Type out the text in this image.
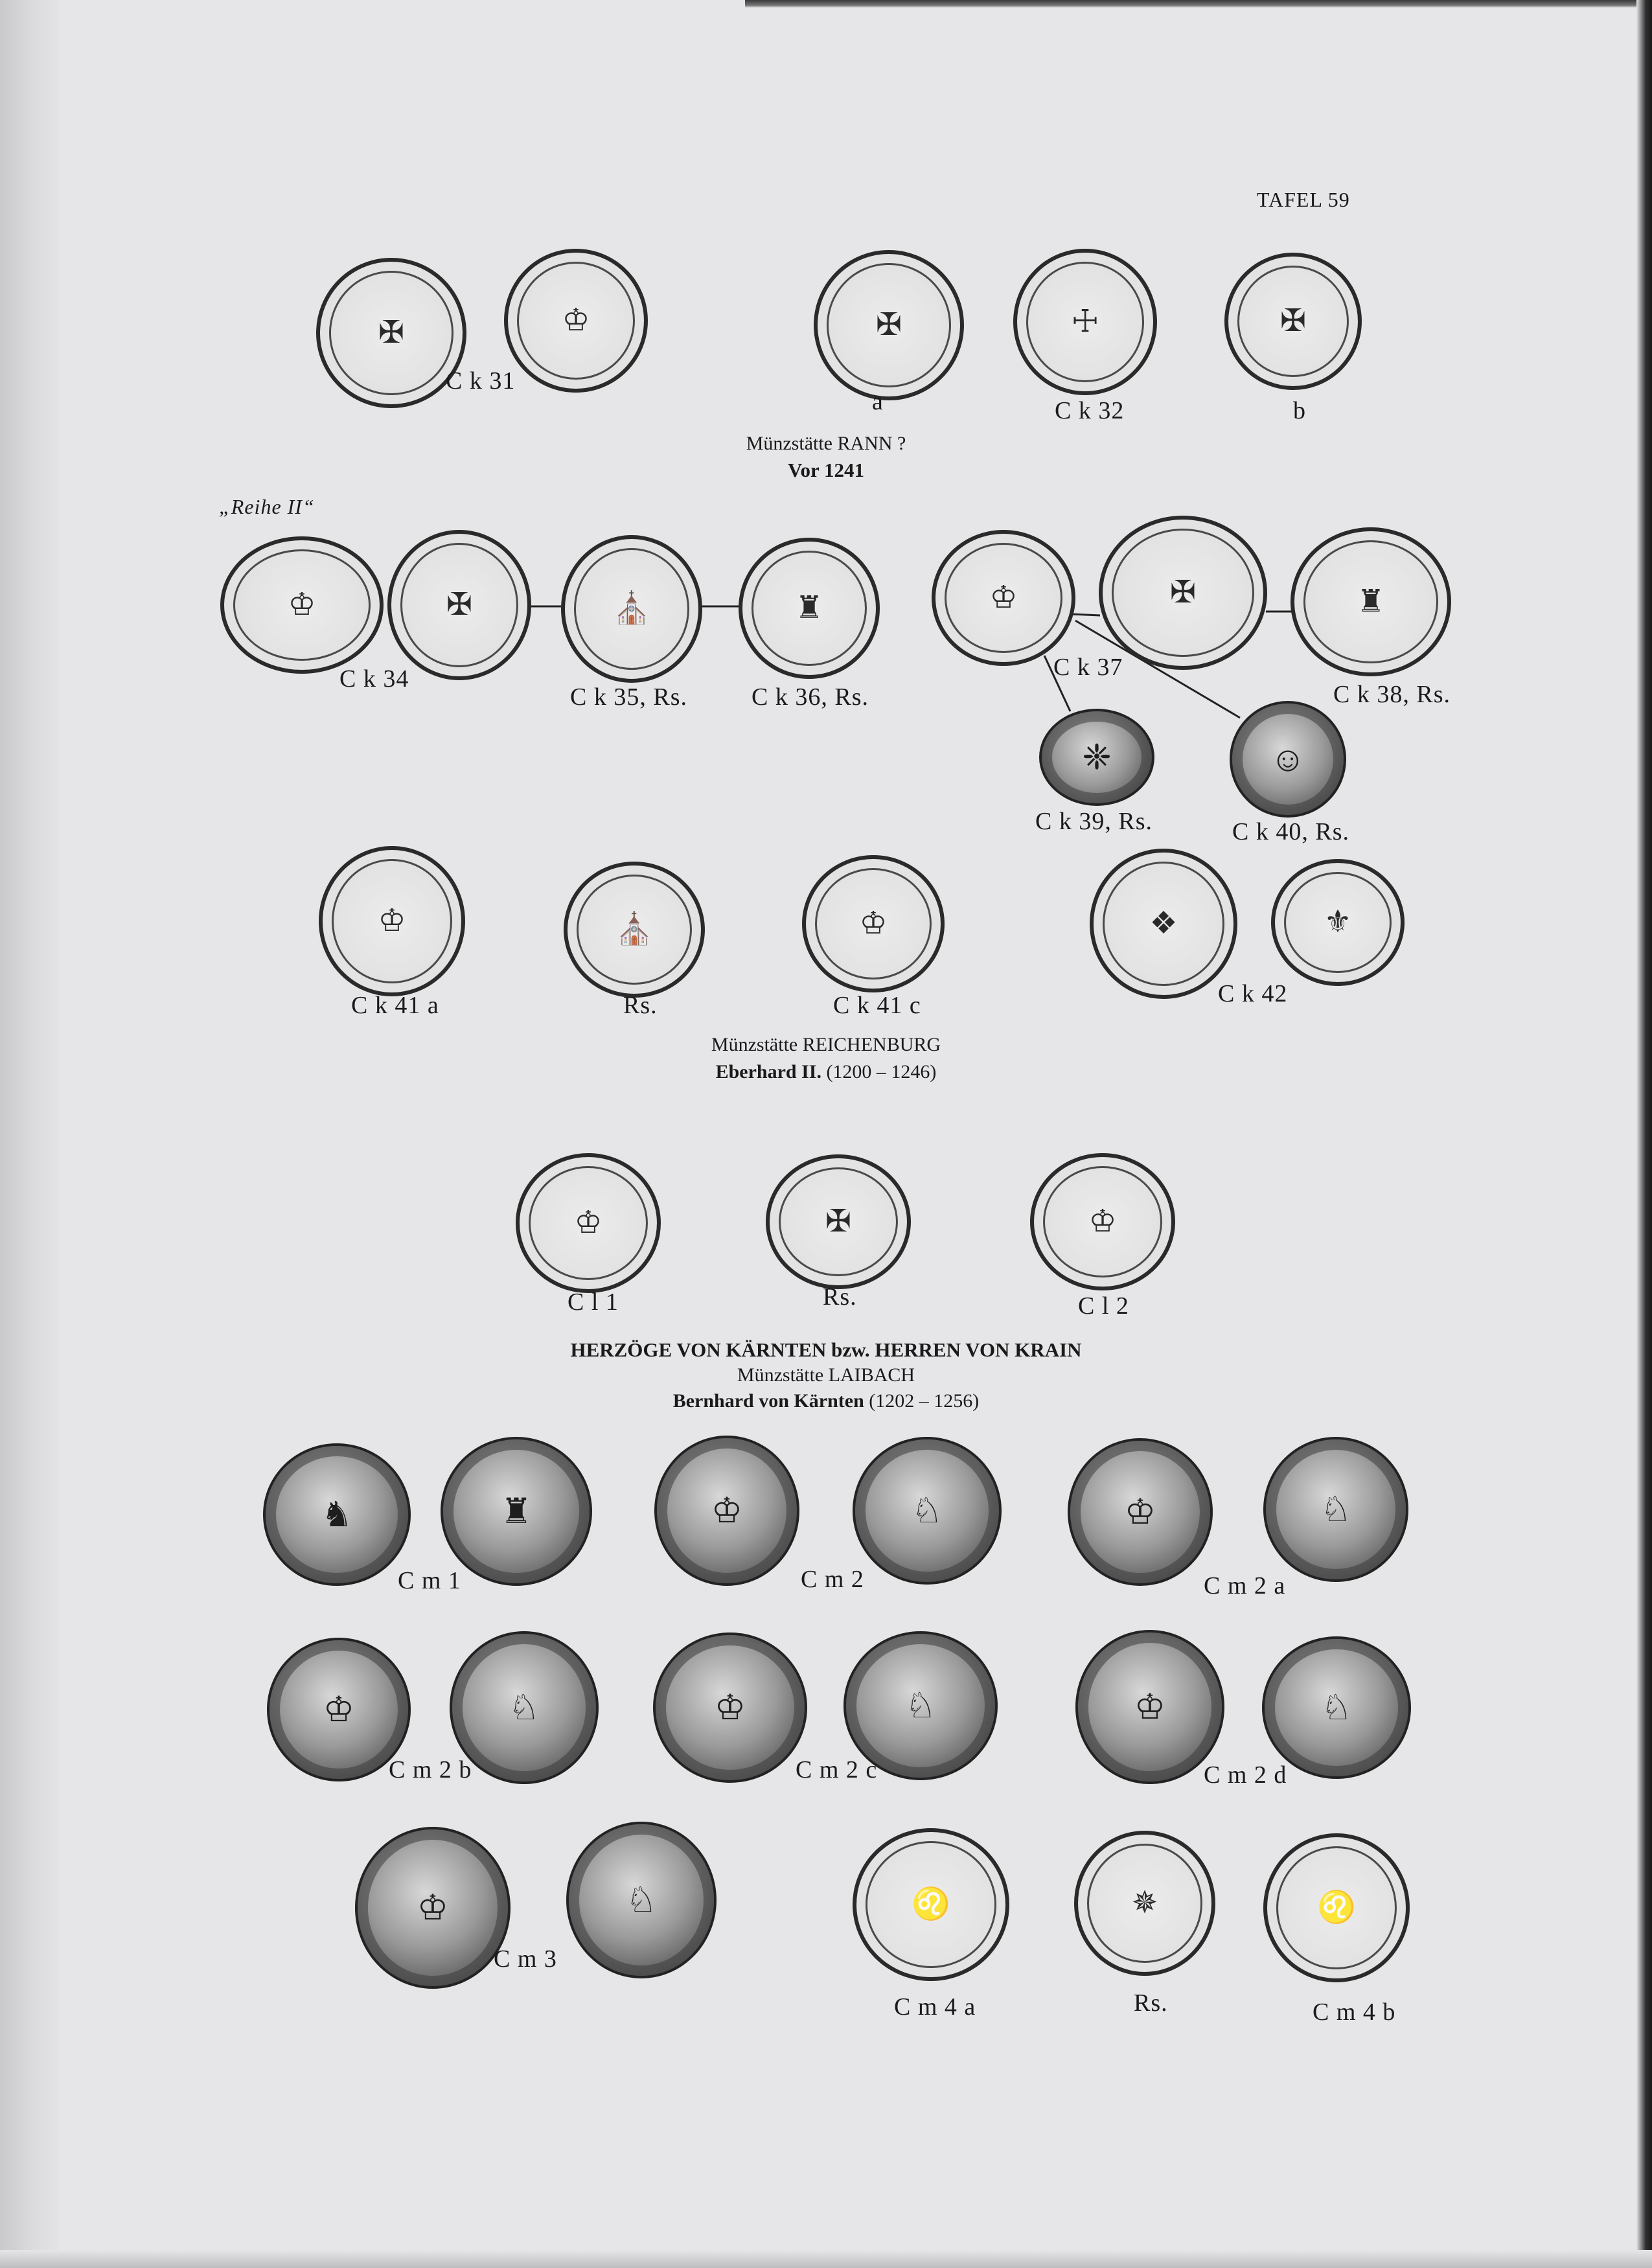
TAFEL 59
✠	♔
C k 31
✠
a
☩
C k 32
✠
b
Münzstätte RANN ?
Vor 1241
„Reihe II“
♔	✠
C k 34
⛪
C k 35, Rs.
♜
C k 36, Rs.
♔	✠
C k 37
♜
C k 38, Rs.
❈
C k 39, Rs.
☺
C k 40, Rs.
♔
C k 41 a
⛪
Rs.
♔
C k 41 c
❖	⚜
C k 42
Münzstätte REICHENBURG
Eberhard II. (1200 – 1246)
♔
C l 1
✠
Rs.
♔
C l 2
HERZÖGE VON KÄRNTEN bzw. HERREN VON KRAIN
Münzstätte LAIBACH
Bernhard von Kärnten (1202 – 1256)
♞	♜
C m 1
♔	♘
C m 2
♔	♘
C m 2 a
♔	♘
C m 2 b
♔	♘
C m 2 c
♔	♘
C m 2 d
♔	♘
C m 3
♌
C m 4 a
✵
Rs.
♌
C m 4 b
